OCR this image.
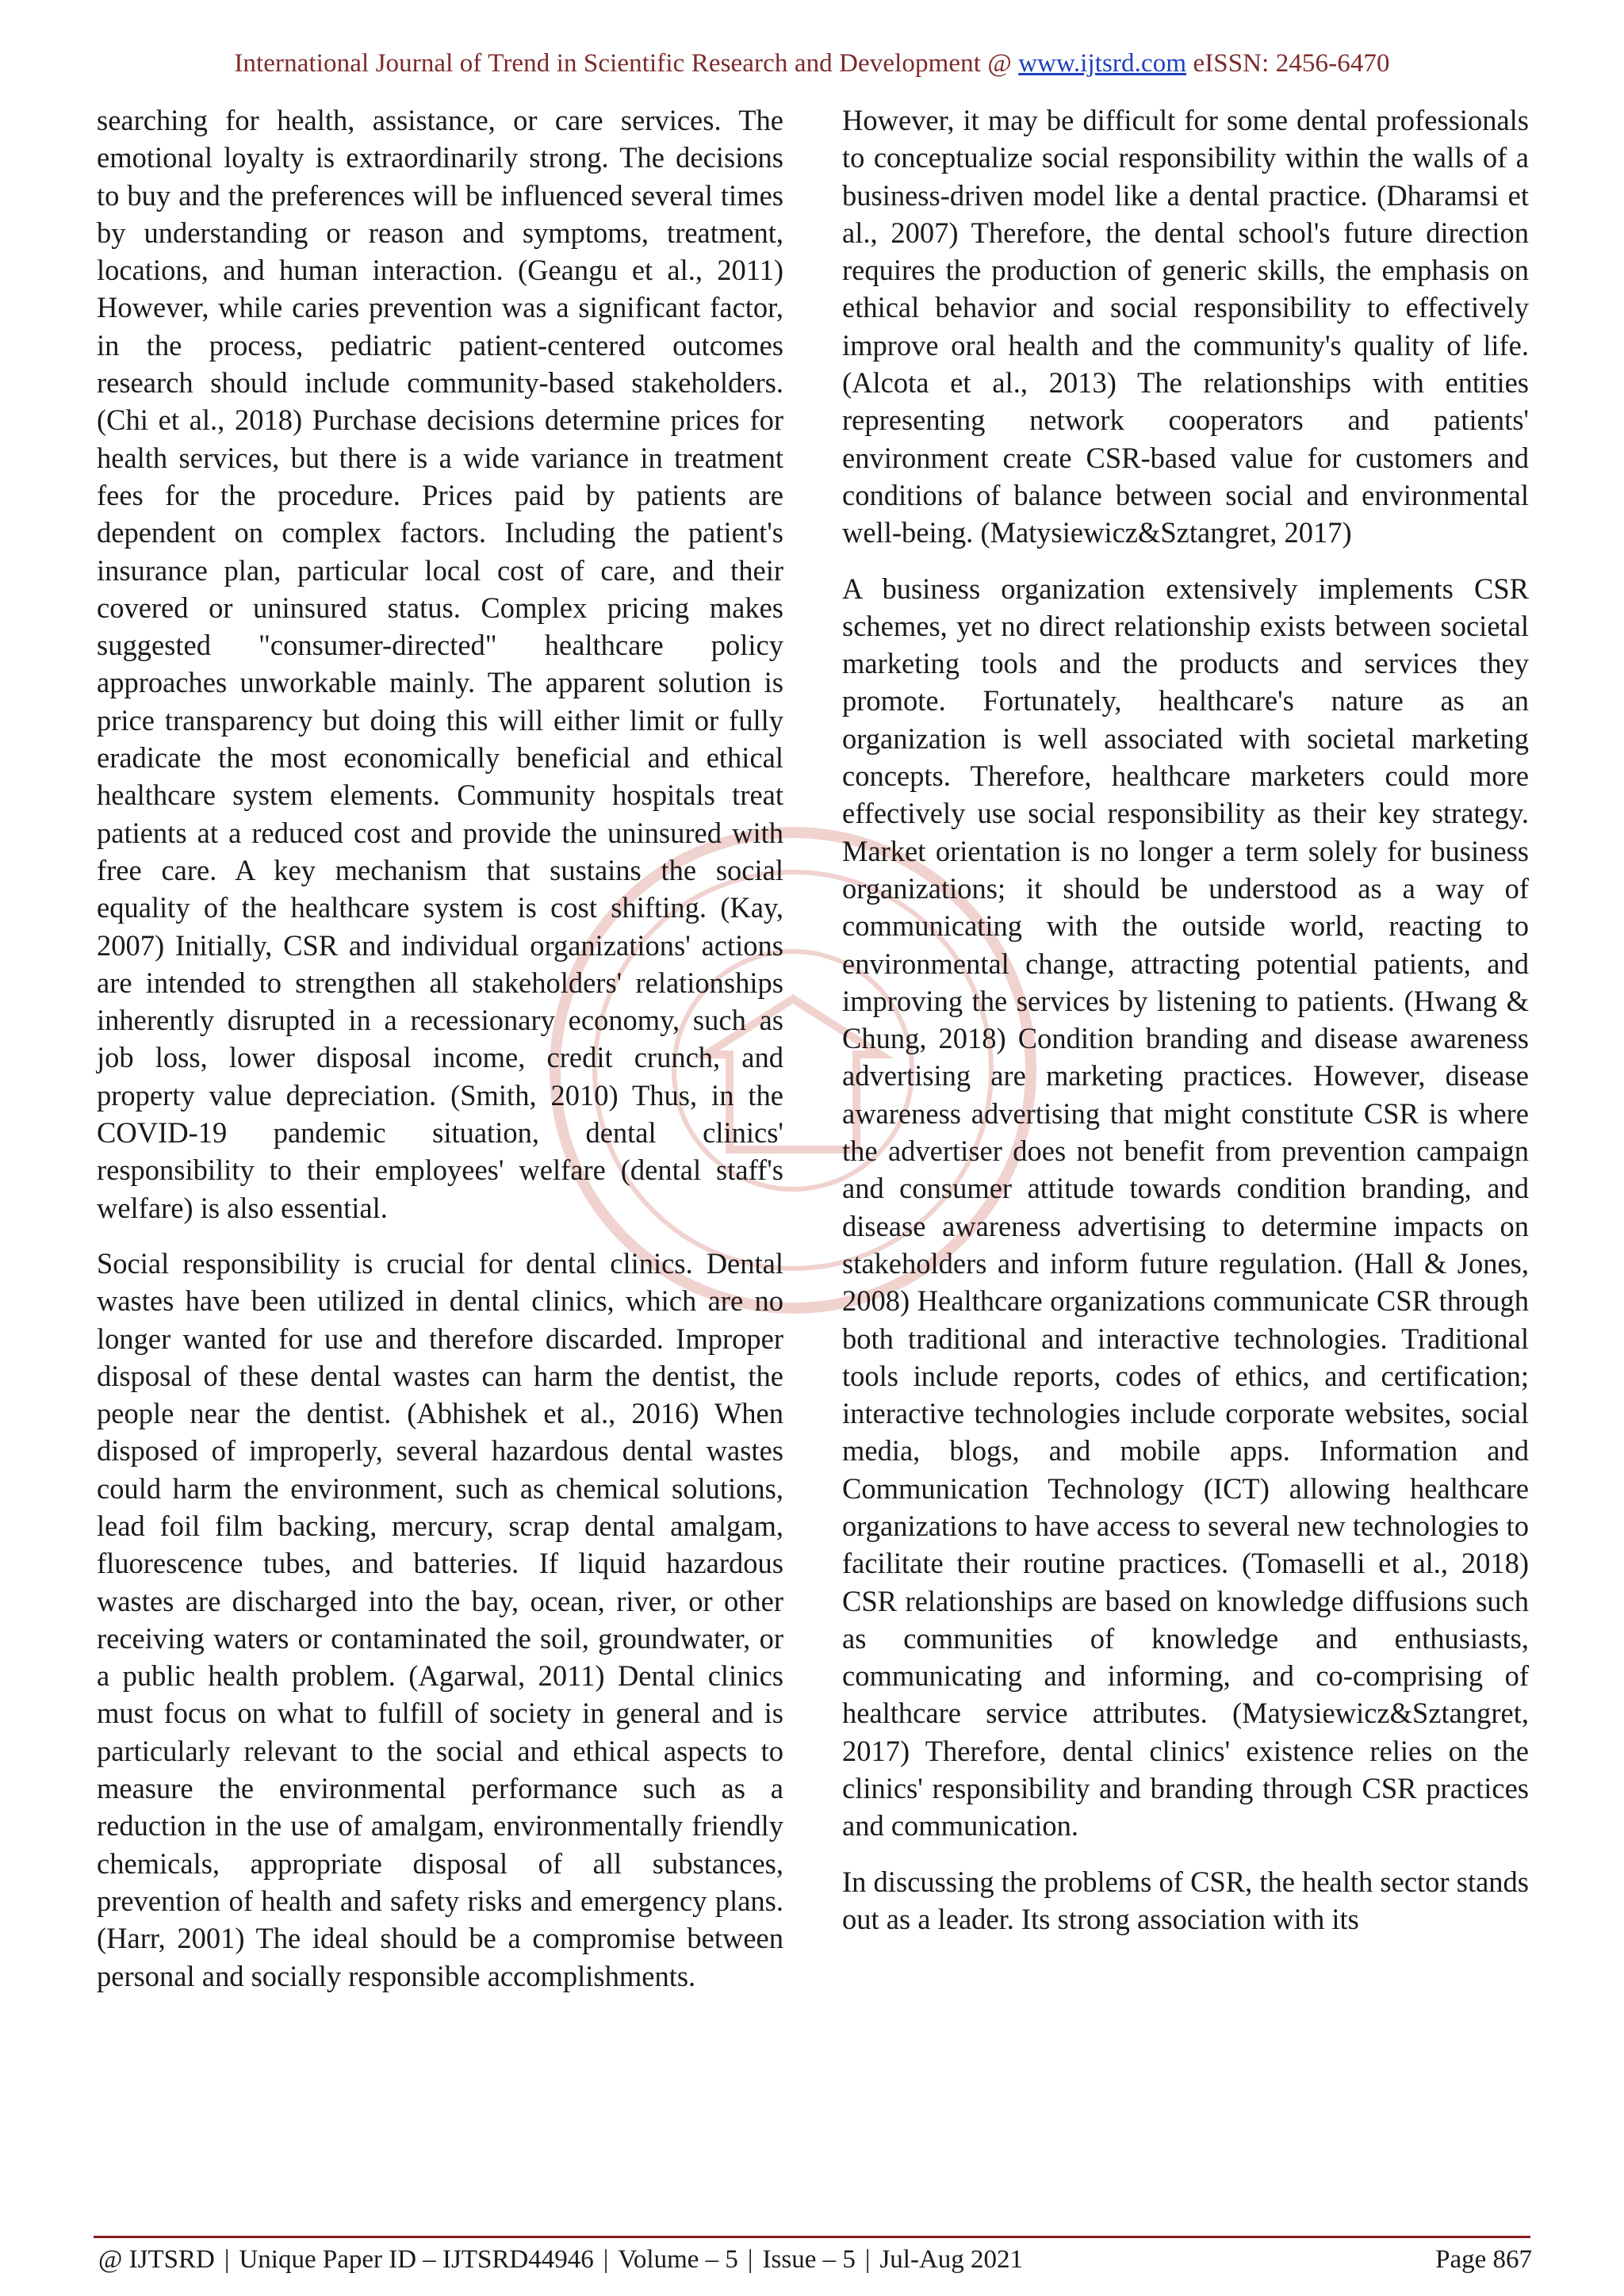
International Journal of Trend in Scientific Research and Development @ www.ijtsrd.com eISSN: 2456-6470

searching for health, assistance, or care services. The emotional loyalty is extraordinarily strong. The decisions to buy and the preferences will be influenced several times by understanding or reason and symptoms, treatment, locations, and human interaction. (Geangu et al., 2011) However, while caries prevention was a significant factor, in the process, pediatric patient-centered outcomes research should include community-based stakeholders. (Chi et al., 2018) Purchase decisions determine prices for health services, but there is a wide variance in treatment fees for the procedure. Prices paid by patients are dependent on complex factors. Including the patient's insurance plan, particular local cost of care, and their covered or uninsured status. Complex pricing makes suggested "consumer-directed" healthcare policy approaches unworkable mainly. The apparent solution is price transparency but doing this will either limit or fully eradicate the most economically beneficial and ethical healthcare system elements. Community hospitals treat patients at a reduced cost and provide the uninsured with free care. A key mechanism that sustains the social equality of the healthcare system is cost shifting. (Kay, 2007) Initially, CSR and individual organizations' actions are intended to strengthen all stakeholders' relationships inherently disrupted in a recessionary economy, such as job loss, lower disposal income, credit crunch, and property value depreciation. (Smith, 2010) Thus, in the COVID-19 pandemic situation, dental clinics' responsibility to their employees' welfare (dental staff's welfare) is also essential.

Social responsibility is crucial for dental clinics. Dental wastes have been utilized in dental clinics, which are no longer wanted for use and therefore discarded. Improper disposal of these dental wastes can harm the dentist, the people near the dentist. (Abhishek et al., 2016) When disposed of improperly, several hazardous dental wastes could harm the environment, such as chemical solutions, lead foil film backing, mercury, scrap dental amalgam, fluorescence tubes, and batteries. If liquid hazardous wastes are discharged into the bay, ocean, river, or other receiving waters or contaminated the soil, groundwater, or a public health problem. (Agarwal, 2011) Dental clinics must focus on what to fulfill of society in general and is particularly relevant to the social and ethical aspects to measure the environmental performance such as a reduction in the use of amalgam, environmentally friendly chemicals, appropriate disposal of all substances, prevention of health and safety risks and emergency plans. (Harr, 2001) The ideal should be a compromise between personal and socially responsible accomplishments.

However, it may be difficult for some dental professionals to conceptualize social responsibility within the walls of a business-driven model like a dental practice. (Dharamsi et al., 2007) Therefore, the dental school's future direction requires the production of generic skills, the emphasis on ethical behavior and social responsibility to effectively improve oral health and the community's quality of life. (Alcota et al., 2013) The relationships with entities representing network cooperators and patients' environment create CSR-based value for customers and conditions of balance between social and environmental well-being. (Matysiewicz&Sztangret, 2017)

A business organization extensively implements CSR schemes, yet no direct relationship exists between societal marketing tools and the products and services they promote. Fortunately, healthcare's nature as an organization is well associated with societal marketing concepts. Therefore, healthcare marketers could more effectively use social responsibility as their key strategy. Market orientation is no longer a term solely for business organizations; it should be understood as a way of communicating with the outside world, reacting to environmental change, attracting potential patients, and improving the services by listening to patients. (Hwang & Chung, 2018) Condition branding and disease awareness advertising are marketing practices. However, disease awareness advertising that might constitute CSR is where the advertiser does not benefit from prevention campaign and consumer attitude towards condition branding, and disease awareness advertising to determine impacts on stakeholders and inform future regulation. (Hall & Jones, 2008) Healthcare organizations communicate CSR through both traditional and interactive technologies. Traditional tools include reports, codes of ethics, and certification; interactive technologies include corporate websites, social media, blogs, and mobile apps. Information and Communication Technology (ICT) allowing healthcare organizations to have access to several new technologies to facilitate their routine practices. (Tomaselli et al., 2018) CSR relationships are based on knowledge diffusions such as communities of knowledge and enthusiasts, communicating and informing, and co-comprising of healthcare service attributes. (Matysiewicz&Sztangret, 2017) Therefore, dental clinics' existence relies on the clinics' responsibility and branding through CSR practices and communication.

In discussing the problems of CSR, the health sector stands out as a leader. Its strong association with its

@ IJTSRD | Unique Paper ID – IJTSRD44946 | Volume – 5 | Issue – 5 | Jul-Aug 2021	Page 867
